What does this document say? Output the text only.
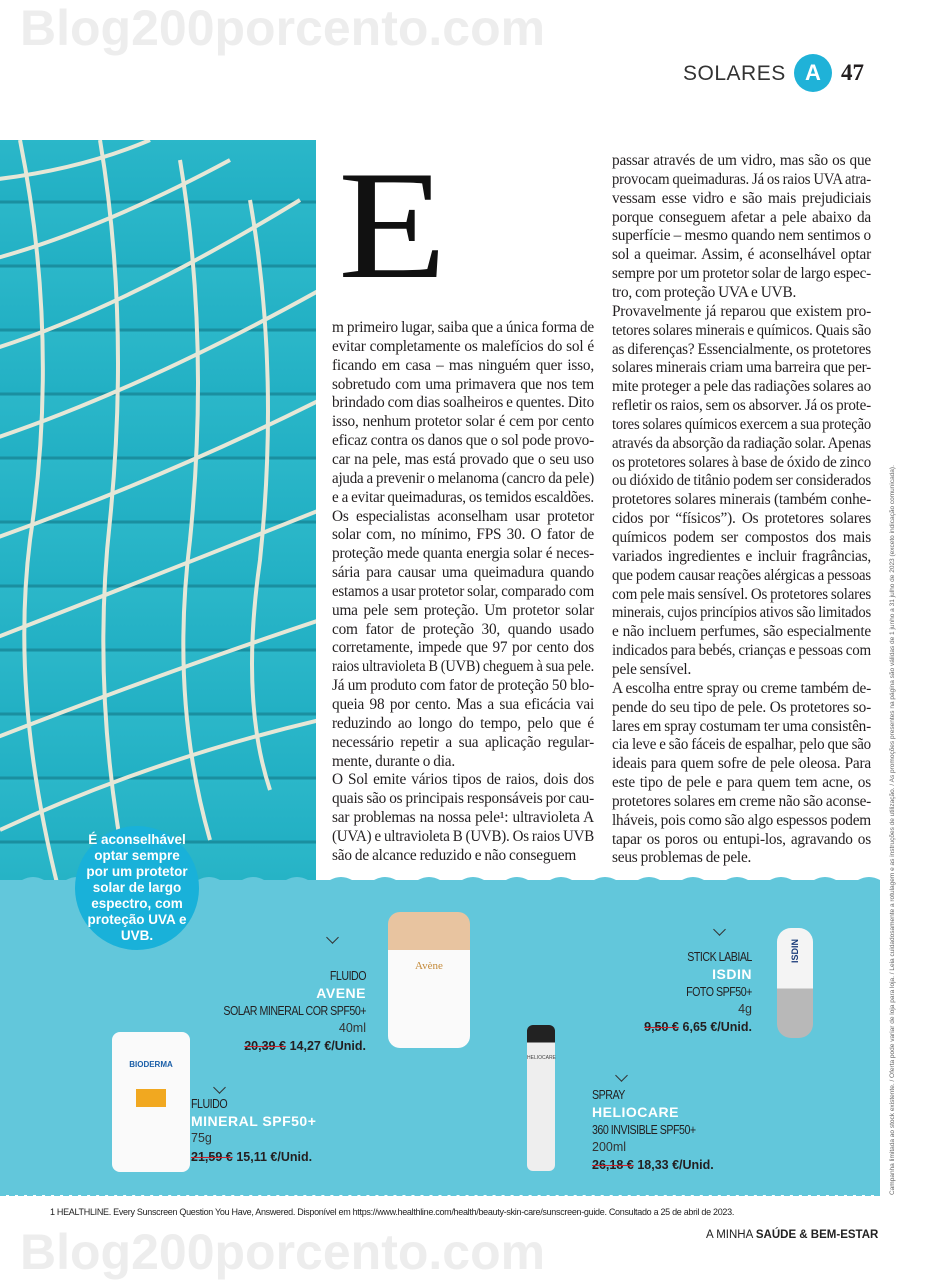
Blog200porcento.com
Blog200porcento.com
SOLARES A 47
E
m primeiro lugar, saiba que a única forma de
evitar completamente os malefícios do sol é
ficando em casa – mas ninguém quer isso,
sobretudo com uma primavera que nos tem
brindado com dias soalheiros e quentes. Dito
isso, nenhum protetor solar é cem por cento
eficaz contra os danos que o sol pode provo-
car na pele, mas está provado que o seu uso
ajuda a prevenir o melanoma (cancro da pele)
e a evitar queimaduras, os temidos escaldões.
Os especialistas aconselham usar protetor
solar com, no mínimo, FPS 30. O fator de
proteção mede quanta energia solar é neces-
sária para causar uma queimadura quando
estamos a usar protetor solar, comparado com
uma pele sem proteção. Um protetor solar
com fator de proteção 30, quando usado
corretamente, impede que 97 por cento dos
raios ultravioleta B (UVB) cheguem à sua pele.
Já um produto com fator de proteção 50 blo-
queia 98 por cento. Mas a sua eficácia vai
reduzindo ao longo do tempo, pelo que é
necessário repetir a sua aplicação regular-
mente, durante o dia.
O Sol emite vários tipos de raios, dois dos
quais são os principais responsáveis por cau-
sar problemas na nossa pele¹: ultravioleta A
(UVA) e ultravioleta B (UVB). Os raios UVB
são de alcance reduzido e não conseguem
passar através de um vidro, mas são os que
provocam queimaduras. Já os raios UVA atra-
vessam esse vidro e são mais prejudiciais
porque conseguem afetar a pele abaixo da
superfície – mesmo quando nem sentimos o
sol a queimar. Assim, é aconselhável optar
sempre por um protetor solar de largo espec-
tro, com proteção UVA e UVB.
Provavelmente já reparou que existem pro-
tetores solares minerais e químicos. Quais são
as diferenças? Essencialmente, os protetores
solares minerais criam uma barreira que per-
mite proteger a pele das radiações solares ao
refletir os raios, sem os absorver. Já os prote-
tores solares químicos exercem a sua proteção
através da absorção da radiação solar. Apenas
os protetores solares à base de óxido de zinco
ou dióxido de titânio podem ser considerados
protetores solares minerais (também conhe-
cidos por “físicos”). Os protetores solares
químicos podem ser compostos dos mais
variados ingredientes e incluir fragrâncias,
que podem causar reações alérgicas a pessoas
com pele mais sensível. Os protetores solares
minerais, cujos princípios ativos são limitados
e não incluem perfumes, são especialmente
indicados para bebés, crianças e pessoas com
pele sensível.
A escolha entre spray ou creme também de-
pende do seu tipo de pele. Os protetores so-
lares em spray costumam ter uma consistên-
cia leve e são fáceis de espalhar, pelo que são
ideais para quem sofre de pele oleosa. Para
este tipo de pele e para quem tem acne, os
protetores solares em creme não são aconse-
lháveis, pois como são algo espessos podem
tapar os poros ou entupi-los, agravando os
seus problemas de pele.
É aconselhável optar sempre por um protetor solar de largo espectro, com proteção UVA e UVB.
Avène
BIODERMA
HELIOCARE
ISDIN
FLUIDO
AVENE
SOLAR MINERAL COR SPF50+
40ml
20,39 € 14,27 €/Unid.
FLUIDO
MINERAL SPF50+
75g
21,59 € 15,11 €/Unid.
SPRAY
HELIOCARE
360 INVISIBLE SPF50+
200ml
26,18 € 18,33 €/Unid.
STICK LABIAL
ISDIN
FOTO SPF50+
4g
9,50 € 6,65 €/Unid.
1 HEALTHLINE. Every Sunscreen Question You Have, Answered. Disponível em https://www.healthline.com/health/beauty-skin-care/sunscreen-guide. Consultado a 25 de abril de 2023.
A MINHA SAÚDE & BEM-ESTAR
Campanha limitada ao stock existente. / Oferta pode variar de loja para loja. / Leia cuidadosamente a rotulagem e as instruções de utilização. / As promoções presentes na página são válidas de 1 junho a 31 julho de 2023 (exceto indicação comunicada).
